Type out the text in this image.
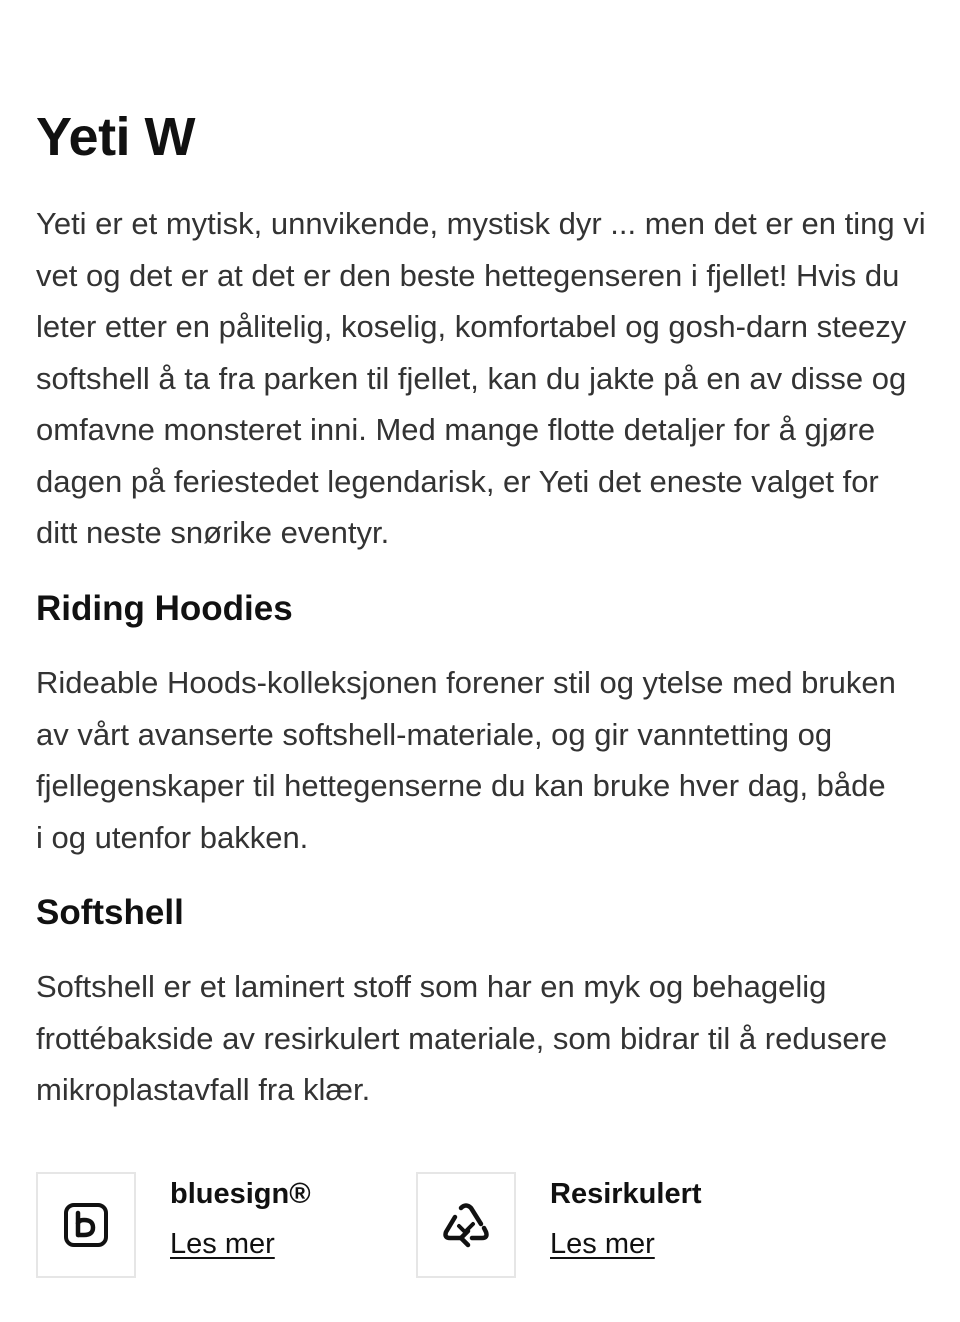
Yeti W

Yeti er et mytisk, unnvikende, mystisk dyr ... men det er en ting vi vet og det er at det er den beste hettegenseren i fjellet! Hvis du leter etter en pålitelig, koselig, komfortabel og gosh-darn steezy softshell å ta fra parken til fjellet, kan du jakte på en av disse og omfavne monsteret inni. Med mange flotte detaljer for å gjøre dagen på feriestedet legendarisk, er Yeti det eneste valget for ditt neste snørike eventyr.

Riding Hoodies

Rideable Hoods-kolleksjonen forener stil og ytelse med bruken av vårt avanserte softshell-materiale, og gir vanntetting og fjellegenskaper til hettegenserne du kan bruke hver dag, både i og utenfor bakken.

Softshell

Softshell er et laminert stoff som har en myk og behagelig frottébakside av resirkulert materiale, som bidrar til å redusere mikroplastavfall fra klær.

bluesign®
Les mer
Resirkulert
Les mer
